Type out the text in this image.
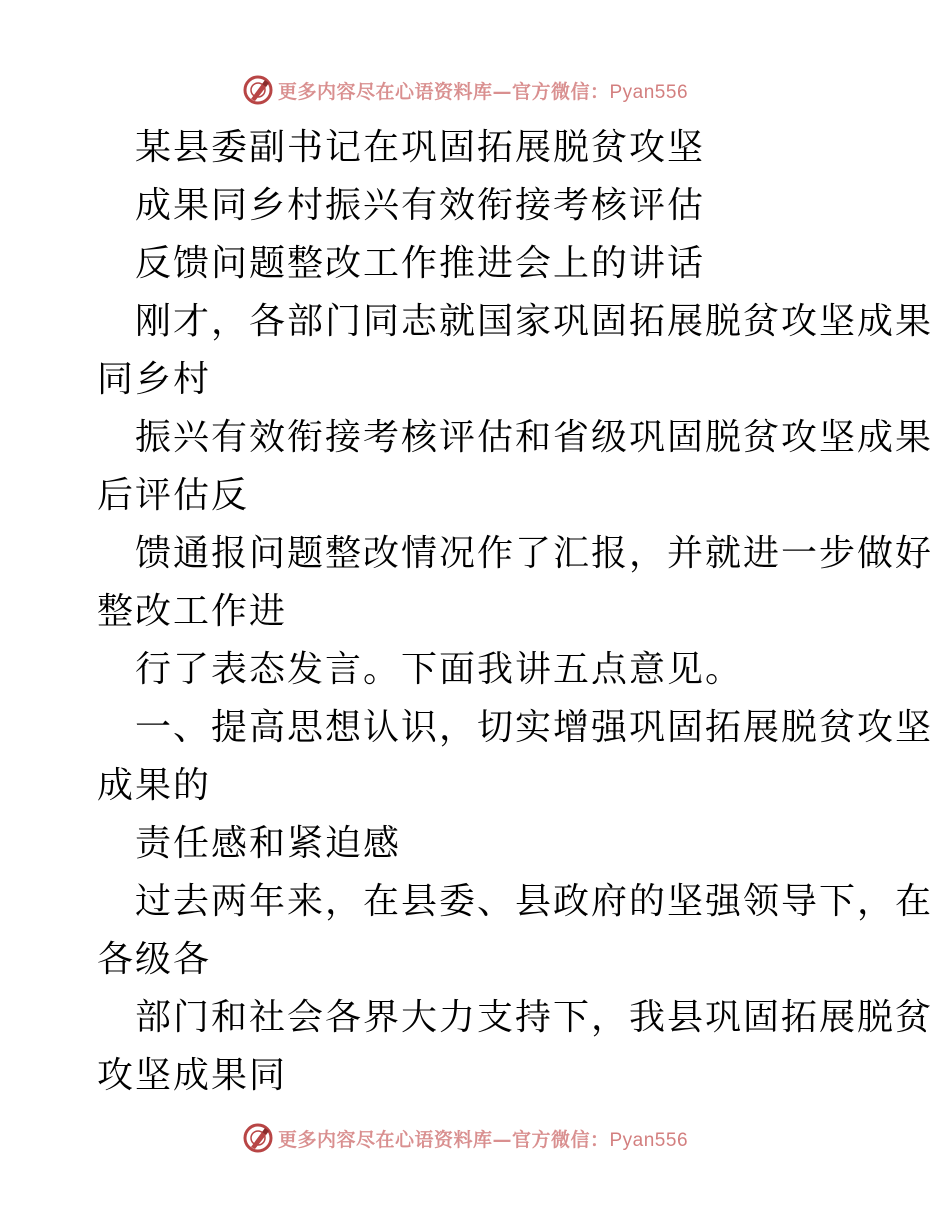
更多内容尽在心语资料库—官方微信：Pyan556
某县委副书记在巩固拓展脱贫攻坚
成果同乡村振兴有效衔接考核评估
反馈问题整改工作推进会上的讲话
刚才，各部门同志就国家巩固拓展脱贫攻坚成果
同乡村
振兴有效衔接考核评估和省级巩固脱贫攻坚成果
后评估反
馈通报问题整改情况作了汇报，并就进一步做好
整改工作进
行了表态发言。下面我讲五点意见。
一、提高思想认识，切实增强巩固拓展脱贫攻坚
成果的
责任感和紧迫感
过去两年来，在县委、县政府的坚强领导下，在
各级各
部门和社会各界大力支持下，我县巩固拓展脱贫
攻坚成果同
更多内容尽在心语资料库—官方微信：Pyan556
